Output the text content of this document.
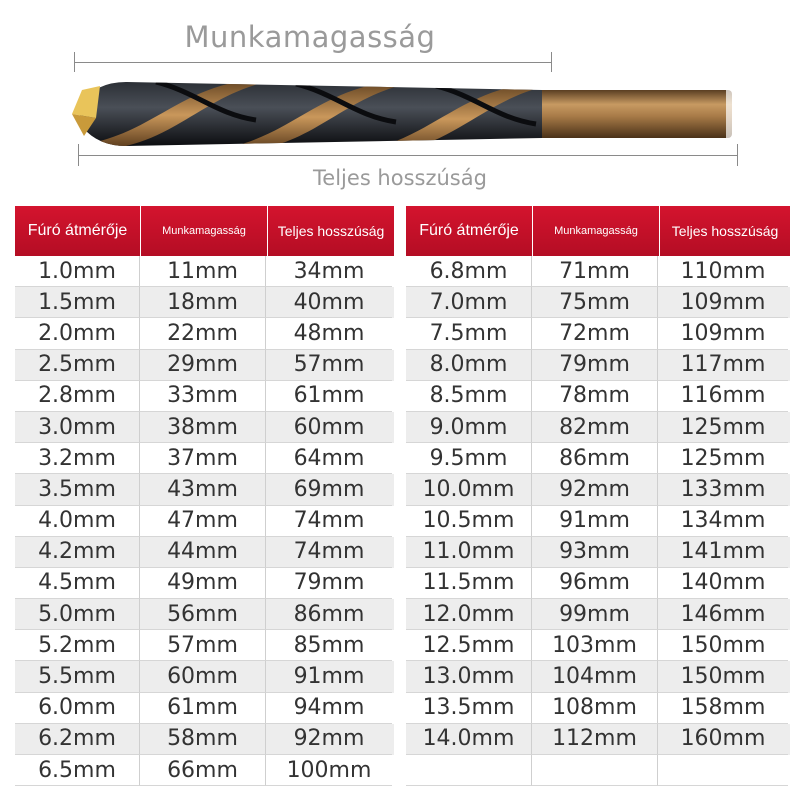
Munkamagasság
Teljes hosszúság
Fúró átmérője	Munkamagasság	Teljes hosszúság
1.0mm	11mm	34mm
1.5mm	18mm	40mm
2.0mm	22mm	48mm
2.5mm	29mm	57mm
2.8mm	33mm	61mm
3.0mm	38mm	60mm
3.2mm	37mm	64mm
3.5mm	43mm	69mm
4.0mm	47mm	74mm
4.2mm	44mm	74mm
4.5mm	49mm	79mm
5.0mm	56mm	86mm
5.2mm	57mm	85mm
5.5mm	60mm	91mm
6.0mm	61mm	94mm
6.2mm	58mm	92mm
6.5mm	66mm	100mm
Fúró átmérője	Munkamagasság	Teljes hosszúság
6.8mm	71mm	110mm
7.0mm	75mm	109mm
7.5mm	72mm	109mm
8.0mm	79mm	117mm
8.5mm	78mm	116mm
9.0mm	82mm	125mm
9.5mm	86mm	125mm
10.0mm	92mm	133mm
10.5mm	91mm	134mm
11.0mm	93mm	141mm
11.5mm	96mm	140mm
12.0mm	99mm	146mm
12.5mm	103mm	150mm
13.0mm	104mm	150mm
13.5mm	108mm	158mm
14.0mm	112mm	160mm
